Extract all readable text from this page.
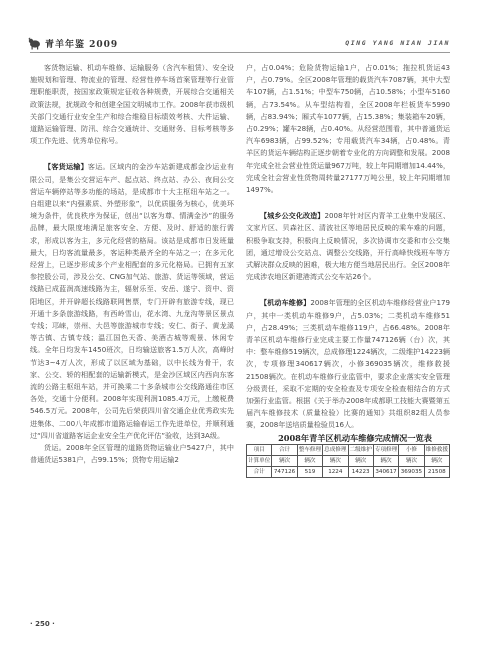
青羊年鉴 2009	QING YANG NIAN JIAN

客货物运输、机动车维修、运输服务（含汽车租赁）、安全设施规划和管理、物流业的管理、经营性停车场首案管理等行业管理职能职责，按国家政策规定征收各种规费，开展综合交通相关政策法规，扰规政令和创建全国文明城市工作。2008年获市级机关部门交通行业安全生产和综合维稳目标绩效考核、大件运输、道路运输管理、防汛、综合交通统计、交通财务、目标考核等多项工作先进、优秀单位称号。

【客货运输】客运。区域内的金沙车站新建成都金沙运业有限公司，是集公交营运车产、起点站、终点站、办公、夜间公交营运车辆停站等多功能的场站，是成都市十大主枢纽车站之一。自组建以来“内强素质、外塑形象”，以优质服务为核心，优美环境为条件，优良秩序为保证，创出“以客为尊、情满金沙”的服务品牌，最大限度地满足旅客安全、方便、及时、舒适的旅行需求，形成以客为主，多元化经营的格局。该站是成都市日发班量最大，日均客流量最多，客运种类最齐全的车站之一；在多元化经营上，已逐步形成多个产业相配套的多元化格局。已拥有五家参控股公司，涉及公交、CNG加气站、旅游、货运等领域，营运线路已成蓝润高速线路为主，辐射乐至、安岳、遂宁、资中、资阳地区，并开辟超长线路联网售票，专门开辟有旅游专线，现已开通十多条旅游线路，有西岭雪山，花水湾、九龙沟等景区景点专线；邛崃，崇州、大邑等旅游城市专线；安仁、街子、黄龙溪等古镇、古镇专线；温江国色天香、美酒古城等观景、休闲专线。全年日均发车1450班次，日均输送旅客1.5万人次，高峰时节达3~4万人次，形成了以区域为基础，以中长线为骨干，农家、公交、轿的相配套的运输新模式，是金沙区域区内西向东客流的公路主枢纽车站，并可换乘二十多条城市公交线路通往市区各处，交通十分便利。2008年实现利润1085.4万元，上缴税费546.5万元。2008年，公司先后荣获四川省交通企业优秀政实先进集体、二00八年成都市道路运输春运工作先进单位，并顺利通过“四川省道路客运企业安全生产优化评估”验收，达到3A级。

货运。2008年全区管理的道路货物运输业户5427户，其中普通货运5381户，占99.15%；货物专用运输2

户，占0.04%；危险货物运输1户，占0.01%；拖拉机货运43户，占0.79%。全区2008年管理的载货汽车7087辆，其中大型车107辆，占1.51%；中型车750辆，占10.58%；小型车5160辆，占73.54%。从车型结构看，全区2008年栏板货车5990辆，占83.94%；厢式车1077辆，占15.38%；集装箱车20辆，占0.29%；罐车28辆，占0.40%。从经营范围看，其中普通货运汽车6983辆，占99.52%；专用载货汽车34辆，占0.48%。青羊区的货运车辆结构正逐步朝着专业化的方向调整和发展。2008年完成全社会营业性货运量967万吨，较上年同期增加14.44%，完成全社会营业性货物周转量27177万吨公里，较上年同期增加1497%。

【城乡公交化改造】2008年针对区内青羊工业集中发展区、文家片区、贝森社区、清波社区等地居民反映的乘车难的问题，积极争取支持，积极向上反映情况，多次协调市交委和市公交集团，通过增设公交站点、调整公交线路，开行高峰快线班车等方式解决群众反映的困难，极大地方便当地居民出行。全区2008年完成涉农地区新建港湾式公交车站26个。

【机动车维修】2008年管理的全区机动车维修经营业户179户，其中一类机动车维修9户，占5.03%；二类机动车维修51户，占28.49%；三类机动车维修119户，占66.48%。2008年青羊区机动车维修行业完成主要工作量747126辆（台）次，其中：整车维修519辆次，总成修理1224辆次，二级维护14223辆次，专项修理340617辆次，小修369035辆次，维修救援21508辆次。在机动车维修行业监管中，要求企业落实安全管理分级责任，采取不定期的安全检查及专项安全检查相结合的方式加强行业监管。根据《关于举办2008年成都职工技能大赛暨第五届汽车维修技术（质量检验）比赛的通知》共组织82组人员参赛，2008年送培质量检验员16人。

2008年青羊区机动车维修完成情况一览表

项目	合计	整车修理	总成修理	二级维护	专项修理	小修	维修救援
计算单位	辆次	辆次	辆次	辆次	辆次	辆次	辆次
合计	747126	519	1224	14223	340617	369035	21508
· 250 ·
